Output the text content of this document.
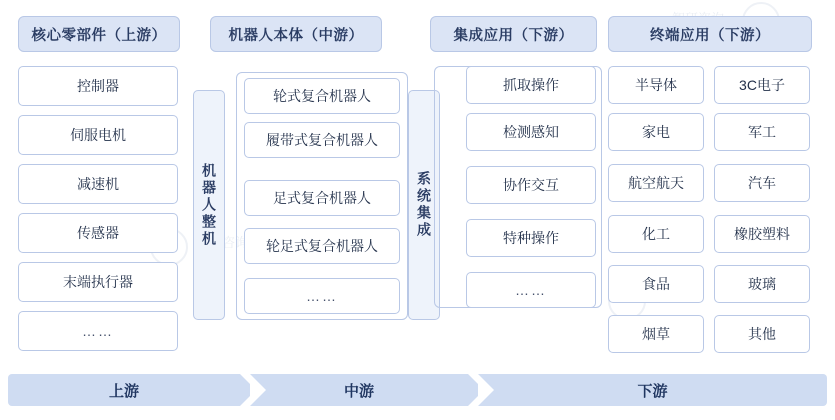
核心零部件（上游）	机器人本体（中游）	集成应用（下游）	终端应用（下游）
控制器
伺服电机
减速机
传感器
末端执行器
……
机器人整机
轮式复合机器人
履带式复合机器人
足式复合机器人
轮足式复合机器人
……
系统集成
抓取操作
检测感知
协作交互
特种操作
……
半导体
家电
航空航天
化工
食品
烟草
3C电子
军工
汽车
橡胶塑料
玻璃
其他
上游	中游	下游
